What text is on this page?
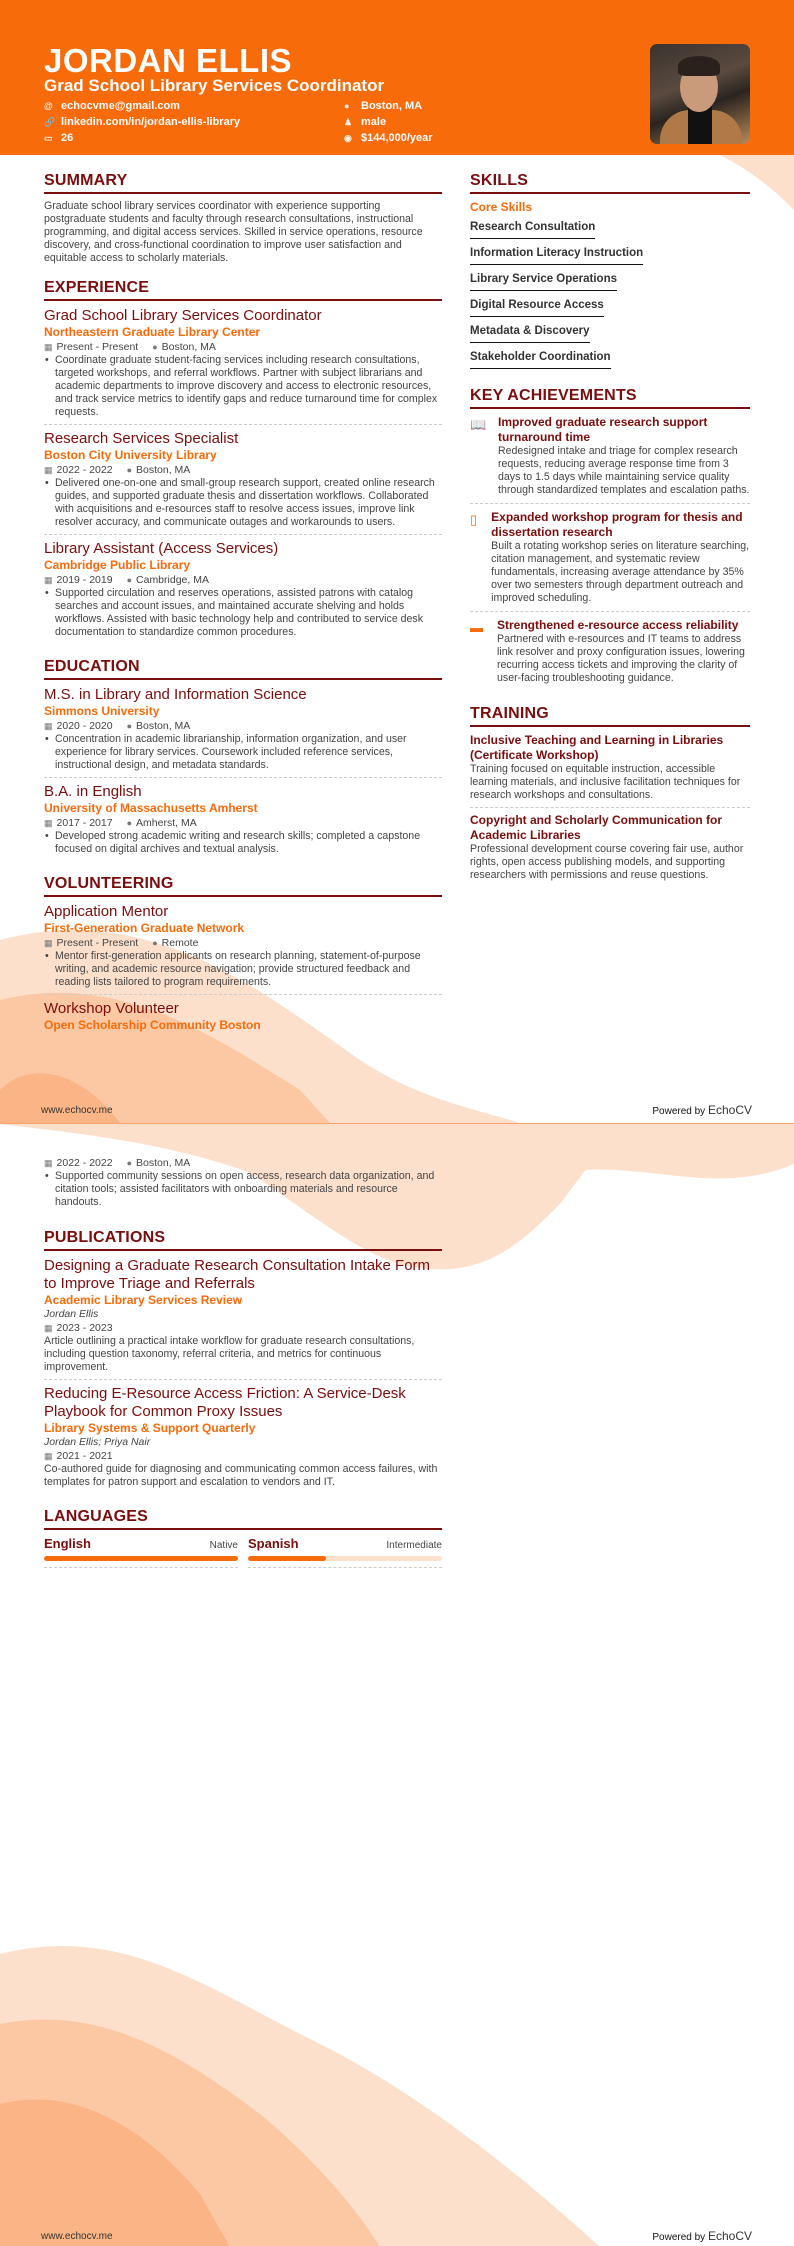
JORDAN ELLIS
Grad School Library Services Coordinator
@ echocvme@gmail.com
🔗 linkedin.com/in/jordan-ellis-library
▭ 26
●	Boston, MA
♟ male
◉ $144,000/year
SUMMARY
Graduate school library services coordinator with experience supporting postgraduate students and faculty through research consultations, instructional programming, and digital access services. Skilled in service operations, resource discovery, and cross-functional coordination to improve user satisfaction and equitable access to scholarly materials.
EXPERIENCE
Grad School Library Services Coordinator
Northeastern Graduate Library Center
▦ Present - Present ● Boston, MA
• Coordinate graduate student-facing services including research consultations, targeted workshops, and referral workflows. Partner with subject librarians and academic departments to improve discovery and access to electronic resources, and track service metrics to identify gaps and reduce turnaround time for complex requests.
Research Services Specialist
Boston City University Library
▦ 2022 - 2022 ● Boston, MA
• Delivered one-on-one and small-group research support, created online research guides, and supported graduate thesis and dissertation workflows. Collaborated with acquisitions and e-resources staff to resolve access issues, improve link resolver accuracy, and communicate outages and workarounds to users.
Library Assistant (Access Services)
Cambridge Public Library
▦ 2019 - 2019 ● Cambridge, MA
• Supported circulation and reserves operations, assisted patrons with catalog searches and account issues, and maintained accurate shelving and holds workflows. Assisted with basic technology help and contributed to service desk documentation to standardize common procedures.
EDUCATION
M.S. in Library and Information Science
Simmons University
▦ 2020 - 2020 ● Boston, MA
• Concentration in academic librarianship, information organization, and user experience for library services. Coursework included reference services, instructional design, and metadata standards.
B.A. in English
University of Massachusetts Amherst
▦ 2017 - 2017 ● Amherst, MA
• Developed strong academic writing and research skills; completed a capstone focused on digital archives and textual analysis.
VOLUNTEERING
Application Mentor
First-Generation Graduate Network
▦ Present - Present ● Remote
• Mentor first-generation applicants on research planning, statement-of-purpose writing, and academic resource navigation; provide structured feedback and reading lists tailored to program requirements.
Workshop Volunteer
Open Scholarship Community Boston
SKILLS
Core Skills
Research Consultation
Information Literacy Instruction
Library Service Operations
Digital Resource Access
Metadata & Discovery
Stakeholder Coordination
KEY ACHIEVEMENTS
📖 Improved graduate research support turnaround time
Redesigned intake and triage for complex research requests, reducing average response time from 3 days to 1.5 days while maintaining service quality through standardized templates and escalation paths.
▯ Expanded workshop program for thesis and dissertation research
Built a rotating workshop series on literature searching, citation management, and systematic review fundamentals, increasing average attendance by 35% over two semesters through department outreach and improved scheduling.
▬ Strengthened e-resource access reliability
Partnered with e-resources and IT teams to address link resolver and proxy configuration issues, lowering recurring access tickets and improving the clarity of user-facing troubleshooting guidance.
TRAINING
Inclusive Teaching and Learning in Libraries (Certificate Workshop)
Training focused on equitable instruction, accessible learning materials, and inclusive facilitation techniques for research workshops and consultations.
Copyright and Scholarly Communication for Academic Libraries
Professional development course covering fair use, author rights, open access publishing models, and supporting researchers with permissions and reuse questions.
www.echocv.me	Powered by EchoCV
▦ 2022 - 2022 ● Boston, MA
• Supported community sessions on open access, research data organization, and citation tools; assisted facilitators with onboarding materials and resource handouts.
PUBLICATIONS
Designing a Graduate Research Consultation Intake Form to Improve Triage and Referrals
Academic Library Services Review
Jordan Ellis
▦ 2023 - 2023
Article outlining a practical intake workflow for graduate research consultations, including question taxonomy, referral criteria, and metrics for continuous improvement.
Reducing E-Resource Access Friction: A Service-Desk Playbook for Common Proxy Issues
Library Systems & Support Quarterly
Jordan Ellis; Priya Nair
▦ 2021 - 2021
Co-authored guide for diagnosing and communicating common access failures, with templates for patron support and escalation to vendors and IT.
LANGUAGES
English	Native Spanish	Intermediate
www.echocv.me	Powered by EchoCV
